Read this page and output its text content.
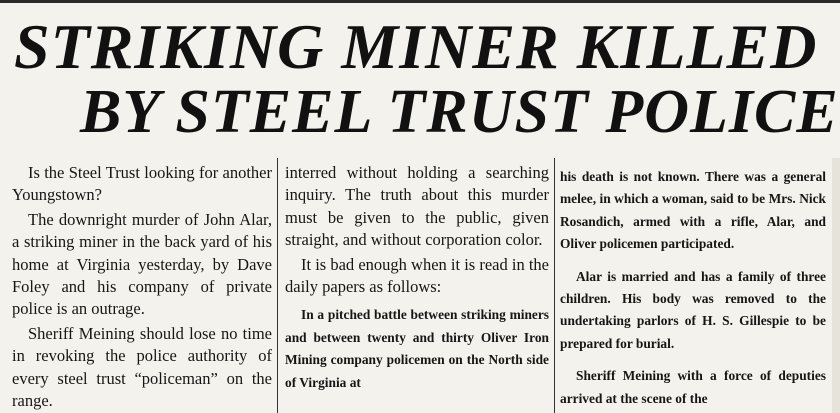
STRIKING MINER KILLED
BY STEEL TRUST POLICE

Is the Steel Trust looking for another Youngstown?

The downright murder of John Alar, a striking miner in the back yard of his home at Virginia yesterday, by Dave Foley and his company of private police is an outrage.

Sheriff Meining should lose no time in revoking the police authority of every steel trust “policeman” on the range.

interred without holding a searching inquiry. The truth about this murder must be given to the public, given straight, and without corporation color.

It is bad enough when it is read in the daily papers as follows:

In a pitched battle between striking miners and between twenty and thirty Oliver Iron Mining company policemen on the North side of Virginia at

his death is not known. There was a general melee, in which a woman, said to be Mrs. Nick Rosandich, armed with a rifle, Alar, and Oliver policemen participated.

Alar is married and has a family of three children. His body was removed to the undertaking parlors of H. S. Gillespie to be prepared for burial.

Sheriff Meining with a force of deputies arrived at the scene of the
